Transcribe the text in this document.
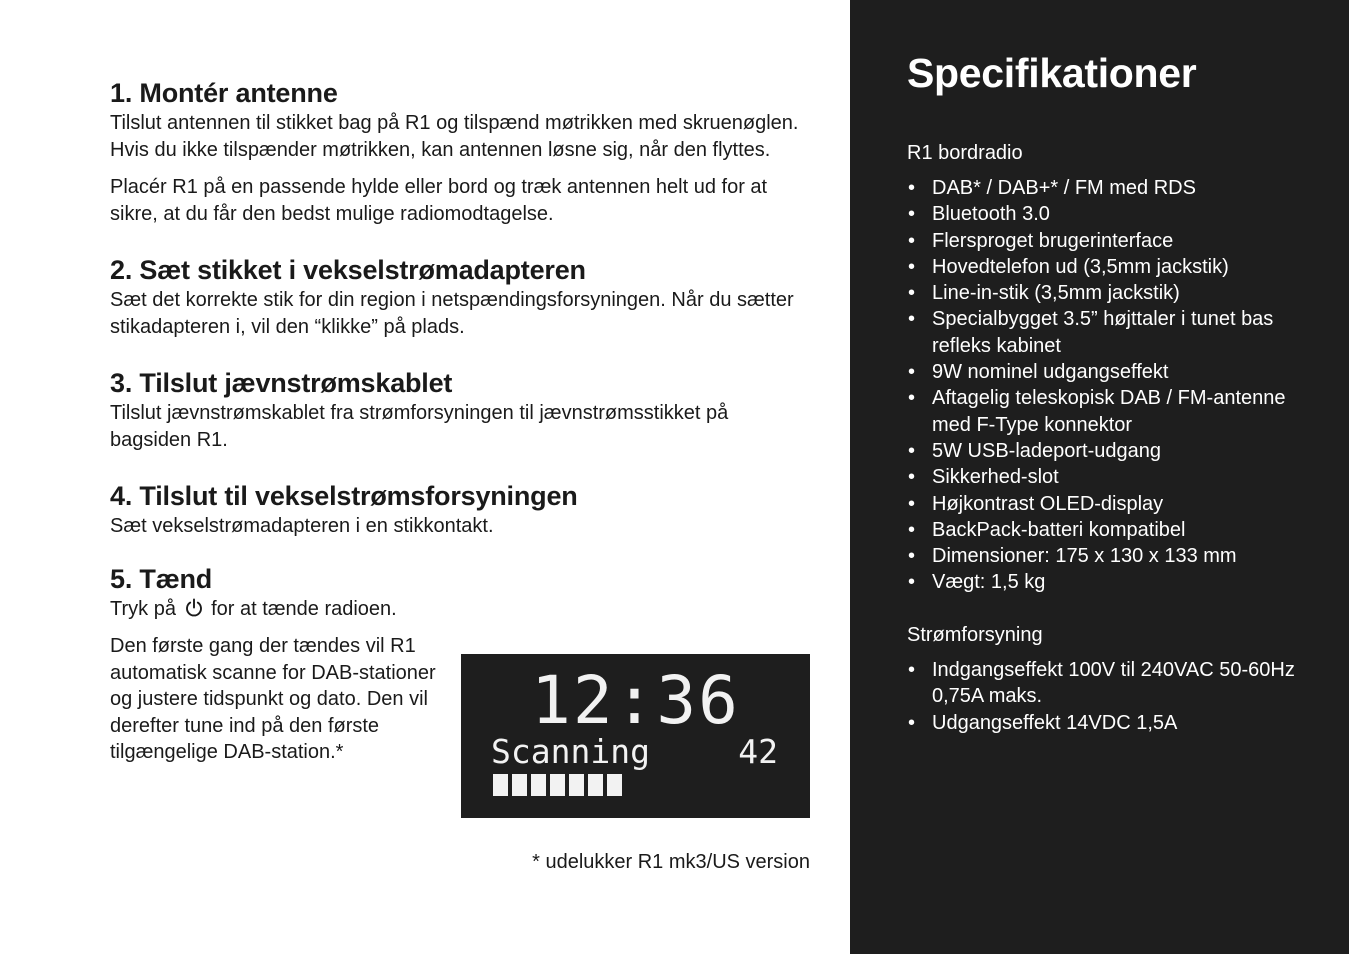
1. Montér antenne

Tilslut antennen til stikket bag på R1 og tilspænd møtrikken med skruenøglen. Hvis du ikke tilspænder møtrikken, kan antennen løsne sig, når den flyttes.

Placér R1 på en passende hylde eller bord og træk antennen helt ud for at sikre, at du får den bedst mulige radiomodtagelse.

2. Sæt stikket i vekselstrømadapteren

Sæt det korrekte stik for din region i netspændingsforsyningen. Når du sætter stikadapteren i, vil den “klikke” på plads.

3. Tilslut jævnstrømskablet

Tilslut jævnstrømskablet fra strømforsyningen til jævnstrømsstikket på bagsiden R1.

4. Tilslut til vekselstrømsforsyningen

Sæt vekselstrømadapteren i en stikkontakt.

5. Tænd

Tryk på for at tænde radioen.

Den første gang der tændes vil R1 automatisk scanne for DAB-stationer og justere tidspunkt og dato. Den vil derefter tune ind på den første tilgængelige DAB-station.*

12:36
Scanning	42
* udelukker R1 mk3/US version
Specifikationer

R1 bordradio

• DAB* / DAB+* / FM med RDS
• Bluetooth 3.0
• Flersproget brugerinterface
• Hovedtelefon ud (3,5mm jackstik)
• Line-in-stik (3,5mm jackstik)
• Specialbygget 3.5” højttaler i tunet bas refleks kabinet
• 9W nominel udgangseffekt
• Aftagelig teleskopisk DAB / FM-antenne med F-Type konnektor
• 5W USB-ladeport-udgang
• Sikkerhed-slot
• Højkontrast OLED-display
• BackPack-batteri kompatibel
• Dimensioner: 175 x 130 x 133 mm
• Vægt: 1,5 kg

Strømforsyning

• Indgangseffekt 100V til 240VAC 50-60Hz 0,75A maks.
• Udgangseffekt 14VDC 1,5A
